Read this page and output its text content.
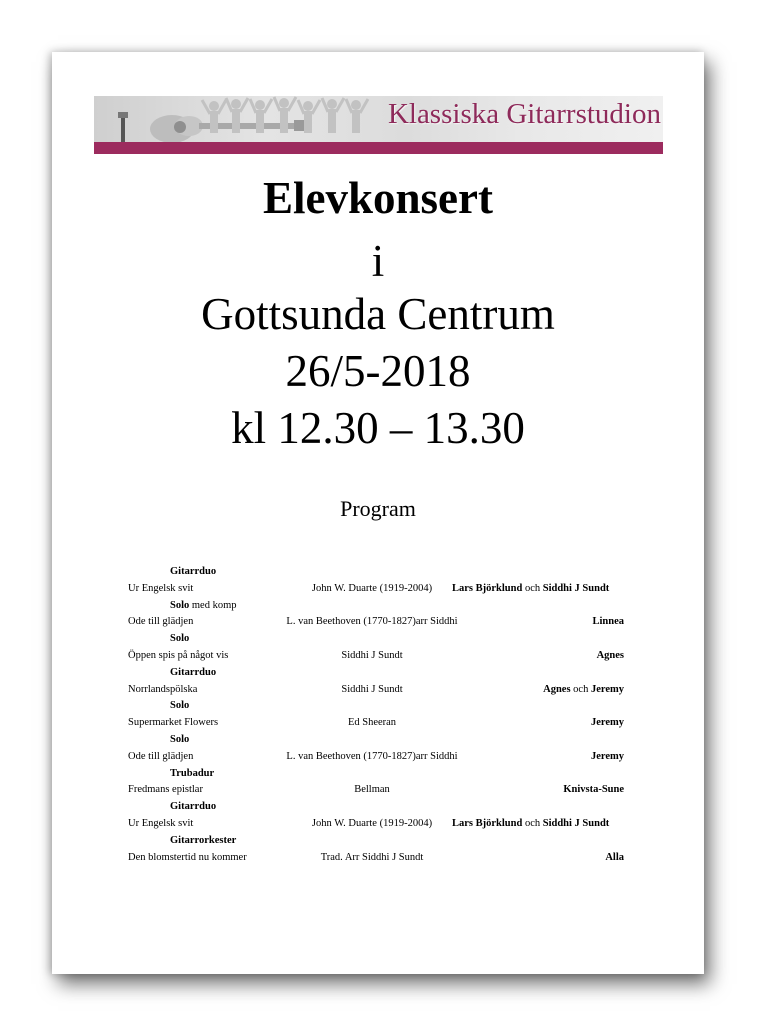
Klassiska Gitarrstudion
Elevkonsert
i
Gottsunda Centrum
26/5-2018
kl 12.30 – 13.30
Program
Gitarrduo
Ur Engelsk svit	John W. Duarte (1919-2004)	Lars Björklund och Siddhi J Sundt
Solo med komp
Ode till glädjen	L. van Beethoven (1770-1827)arr Siddhi	Linnea
Solo
Öppen spis på något vis	Siddhi J Sundt	Agnes
Gitarrduo
Norrlandspölska	Siddhi J Sundt	Agnes och Jeremy
Solo
Supermarket Flowers	Ed Sheeran	Jeremy
Solo
Ode till glädjen	L. van Beethoven (1770-1827)arr Siddhi	Jeremy
Trubadur
Fredmans epistlar	Bellman	Knivsta-Sune
Gitarrduo
Ur Engelsk svit	John W. Duarte (1919-2004)	Lars Björklund och Siddhi J Sundt
Gitarrorkester
Den blomstertid nu kommer	Trad. Arr Siddhi J Sundt	Alla
